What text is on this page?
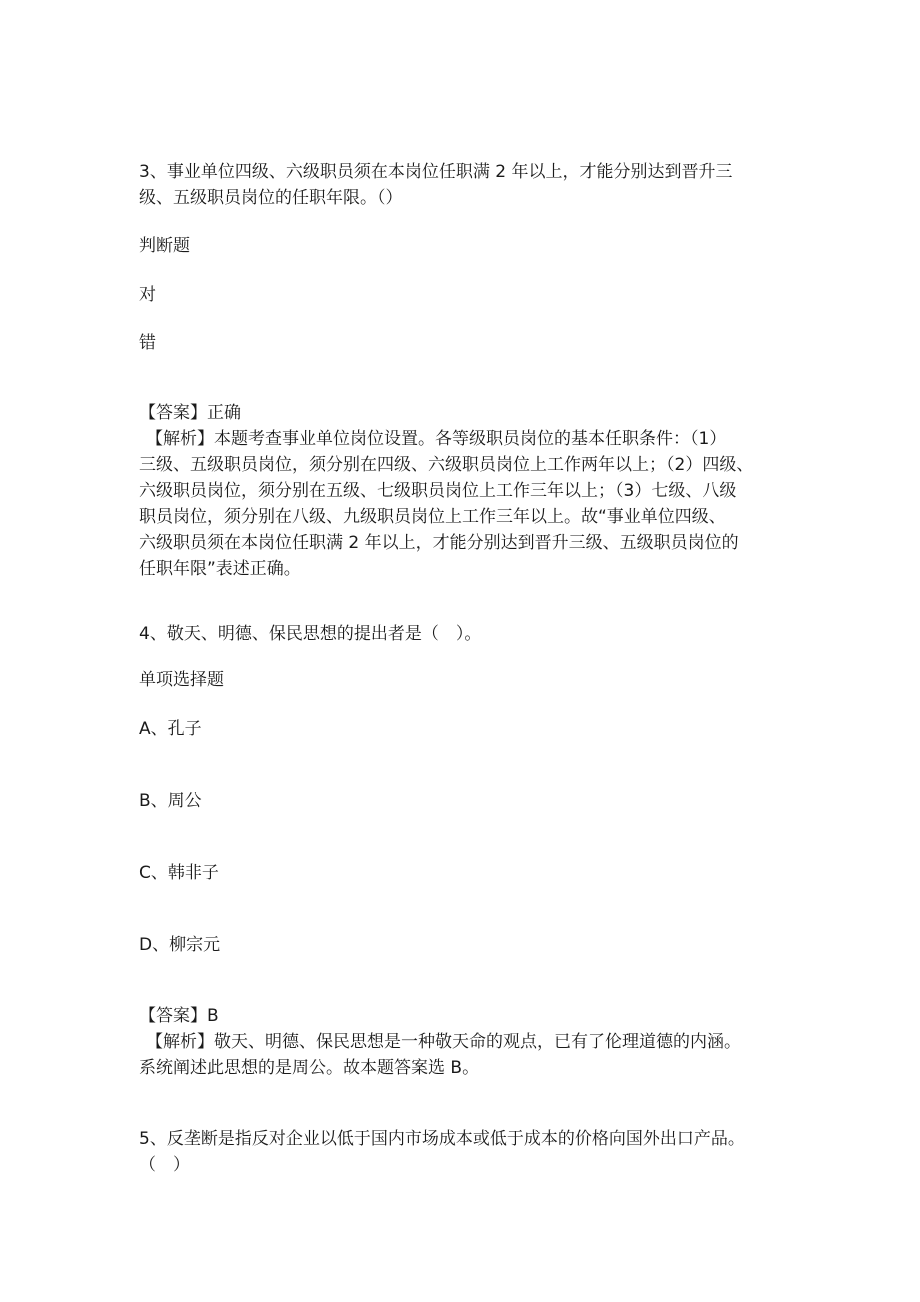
3、事业单位四级、六级职员须在本岗位任职满 2 年以上，才能分别达到晋升三

级、五级职员岗位的任职年限。（）

判断题

对

错

【答案】正确

【解析】本题考查事业单位岗位设置。各等级职员岗位的基本任职条件：（1）

三级、五级职员岗位，须分别在四级、六级职员岗位上工作两年以上；（2）四级、

六级职员岗位，须分别在五级、七级职员岗位上工作三年以上；（3）七级、八级

职员岗位，须分别在八级、九级职员岗位上工作三年以上。故“事业单位四级、

六级职员须在本岗位任职满 2 年以上，才能分别达到晋升三级、五级职员岗位的

任职年限”表述正确。

4、敬天、明德、保民思想的提出者是（　）。

单项选择题

A、孔子

B、周公

C、韩非子

D、柳宗元

【答案】B

【解析】敬天、明德、保民思想是一种敬天命的观点，已有了伦理道德的内涵。

系统阐述此思想的是周公。故本题答案选 B。

5、反垄断是指反对企业以低于国内市场成本或低于成本的价格向国外出口产品。

（　）
